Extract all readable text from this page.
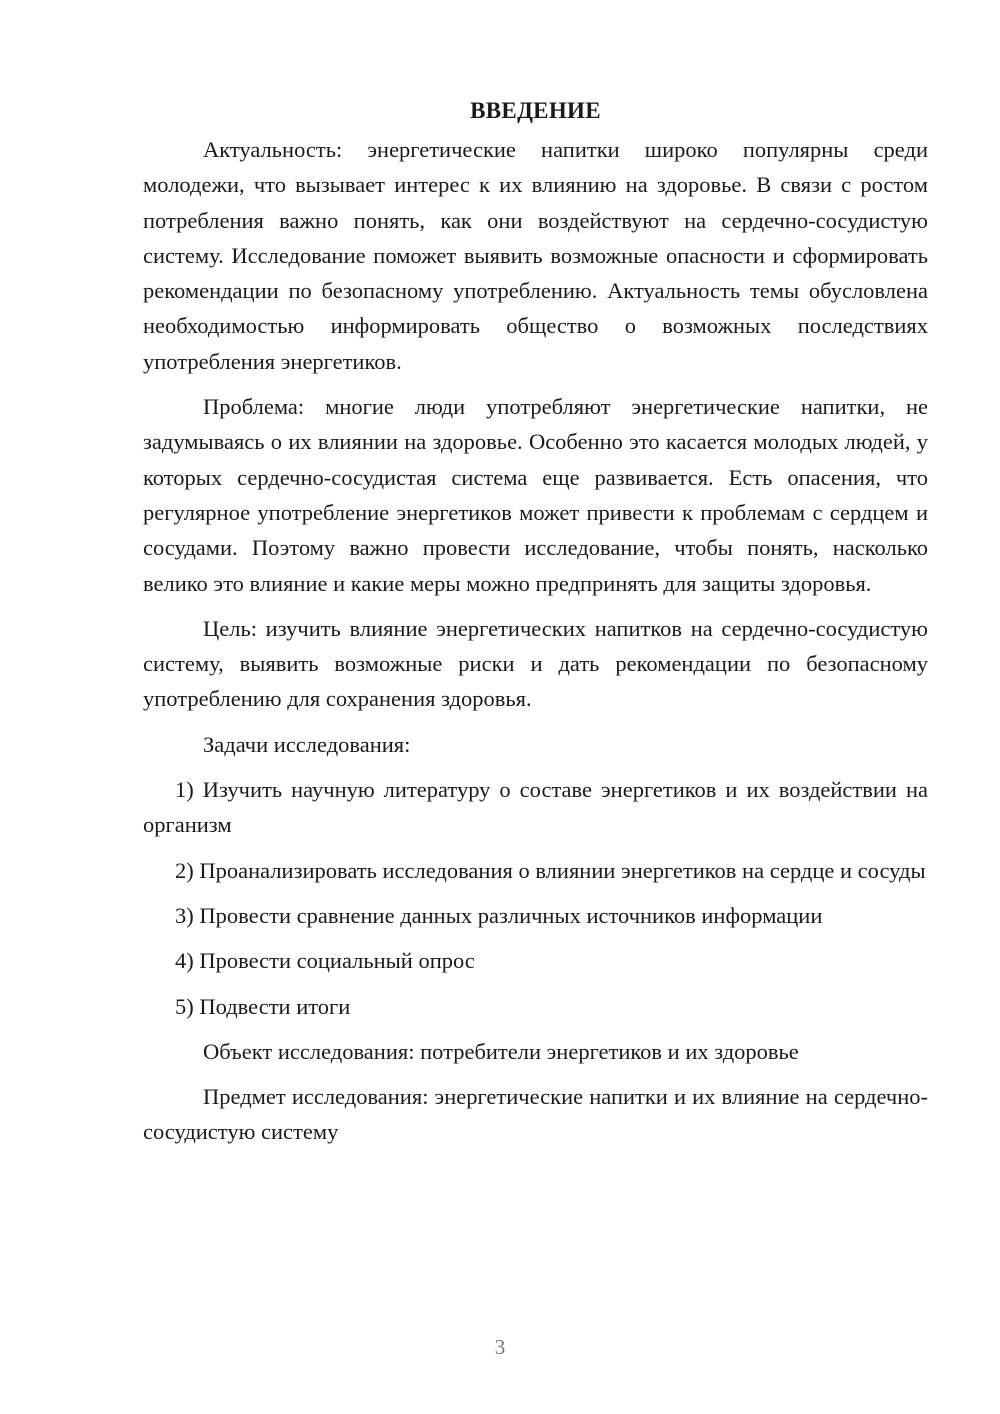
ВВЕДЕНИЕ

Актуальность: энергетические напитки широко популярны среди молодежи, что вызывает интерес к их влиянию на здоровье. В связи с ростом потребления важно понять, как они воздействуют на сердечно-сосудистую систему. Исследование поможет выявить возможные опасности и сформировать рекомендации по безопасному употреблению. Актуальность темы обусловлена необходимостью информировать общество о возможных последствиях употребления энергетиков.

Проблема: многие люди употребляют энергетические напитки, не задумываясь о их влиянии на здоровье. Особенно это касается молодых людей, у которых сердечно-сосудистая система еще развивается. Есть опасения, что регулярное употребление энергетиков может привести к проблемам с сердцем и сосудами. Поэтому важно провести исследование, чтобы понять, насколько велико это влияние и какие меры можно предпринять для защиты здоровья.

Цель: изучить влияние энергетических напитков на сердечно-сосудистую систему, выявить возможные риски и дать рекомендации по безопасному употреблению для сохранения здоровья.

Задачи исследования:

1) Изучить научную литературу о составе энергетиков и их воздействии на организм

2) Проанализировать исследования о влиянии энергетиков на сердце и сосуды

3) Провести сравнение данных различных источников информации

4) Провести социальный опрос

5) Подвести итоги

Объект исследования: потребители энергетиков и их здоровье

Предмет исследования: энергетические напитки и их влияние на сердечно-сосудистую систему

3
